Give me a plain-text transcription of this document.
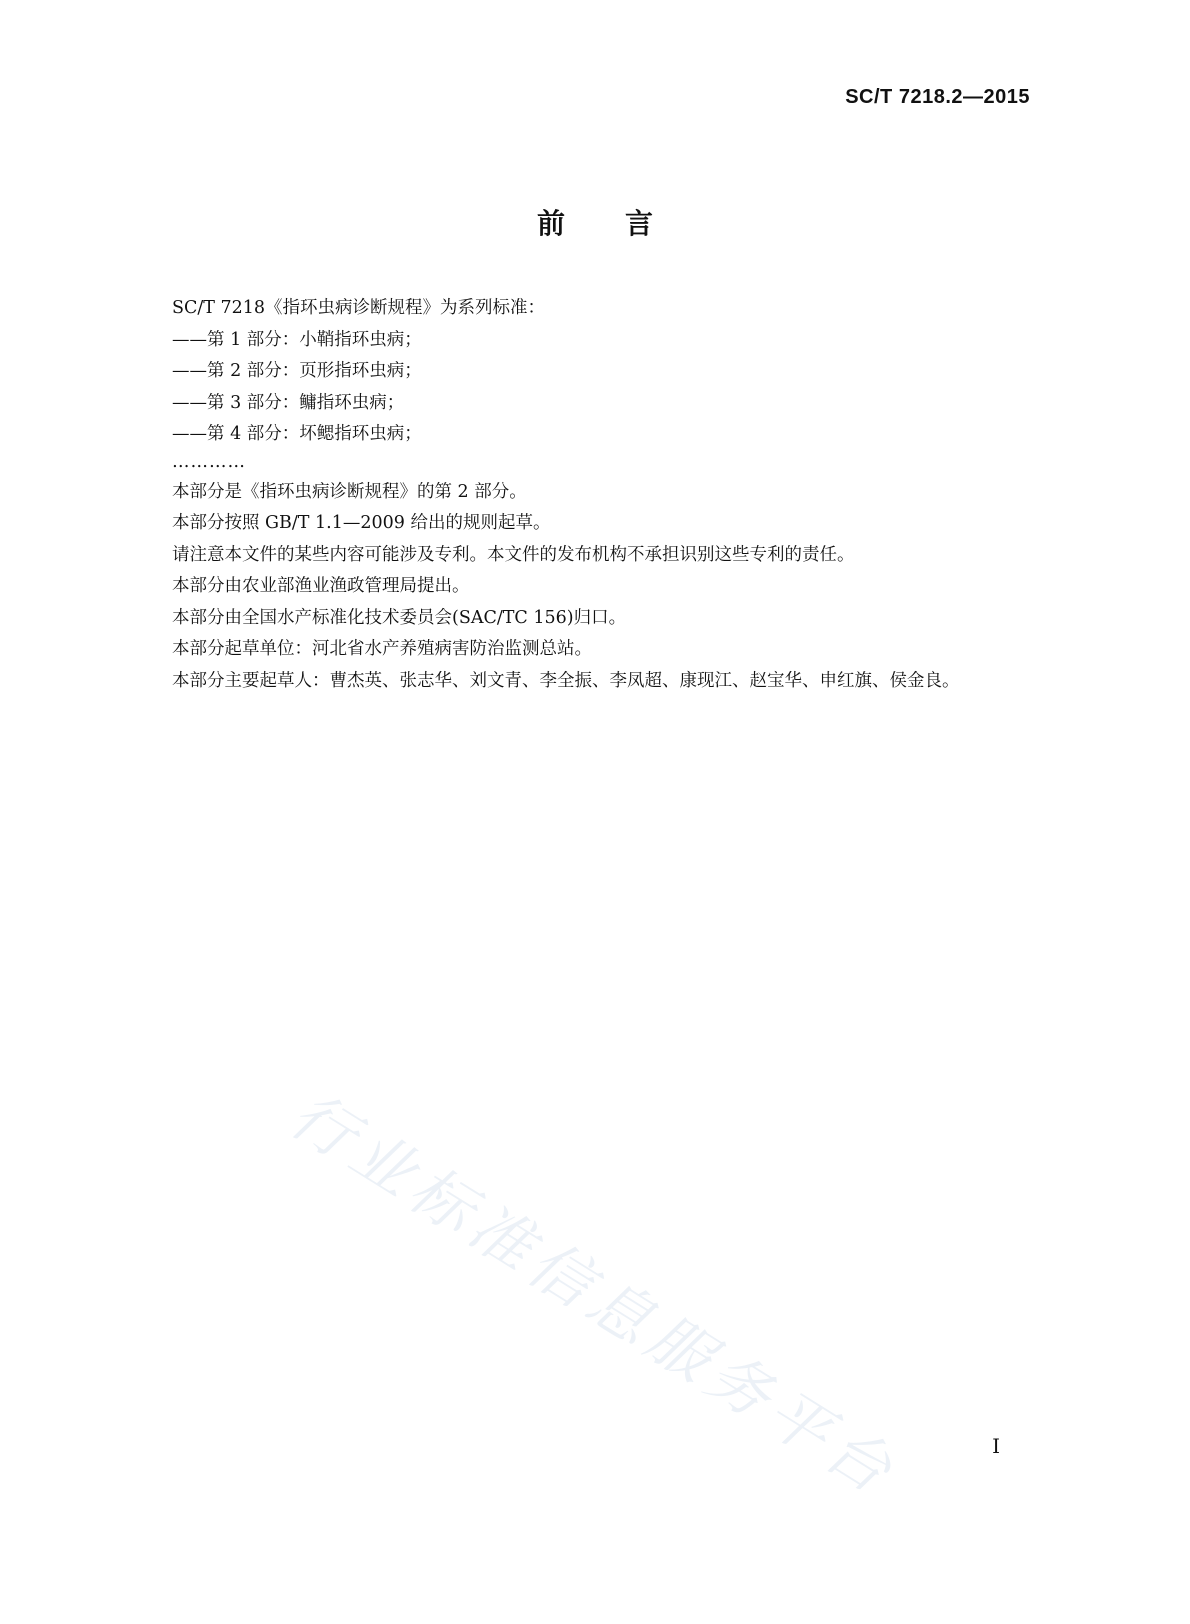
SC/T 7218.2—2015
前言
SC/T 7218《指环虫病诊断规程》为系列标准：
——第 1 部分：小鞘指环虫病；
——第 2 部分：页形指环虫病；
——第 3 部分：鳙指环虫病；
——第 4 部分：坏鳃指环虫病；
…………
本部分是《指环虫病诊断规程》的第 2 部分。
本部分按照 GB/T 1.1—2009 给出的规则起草。
请注意本文件的某些内容可能涉及专利。本文件的发布机构不承担识别这些专利的责任。
本部分由农业部渔业渔政管理局提出。
本部分由全国水产标准化技术委员会(SAC/TC 156)归口。
本部分起草单位：河北省水产养殖病害防治监测总站。
本部分主要起草人：曹杰英、张志华、刘文青、李全振、李凤超、康现江、赵宝华、申红旗、侯金良。
行业标准信息服务平台	I
